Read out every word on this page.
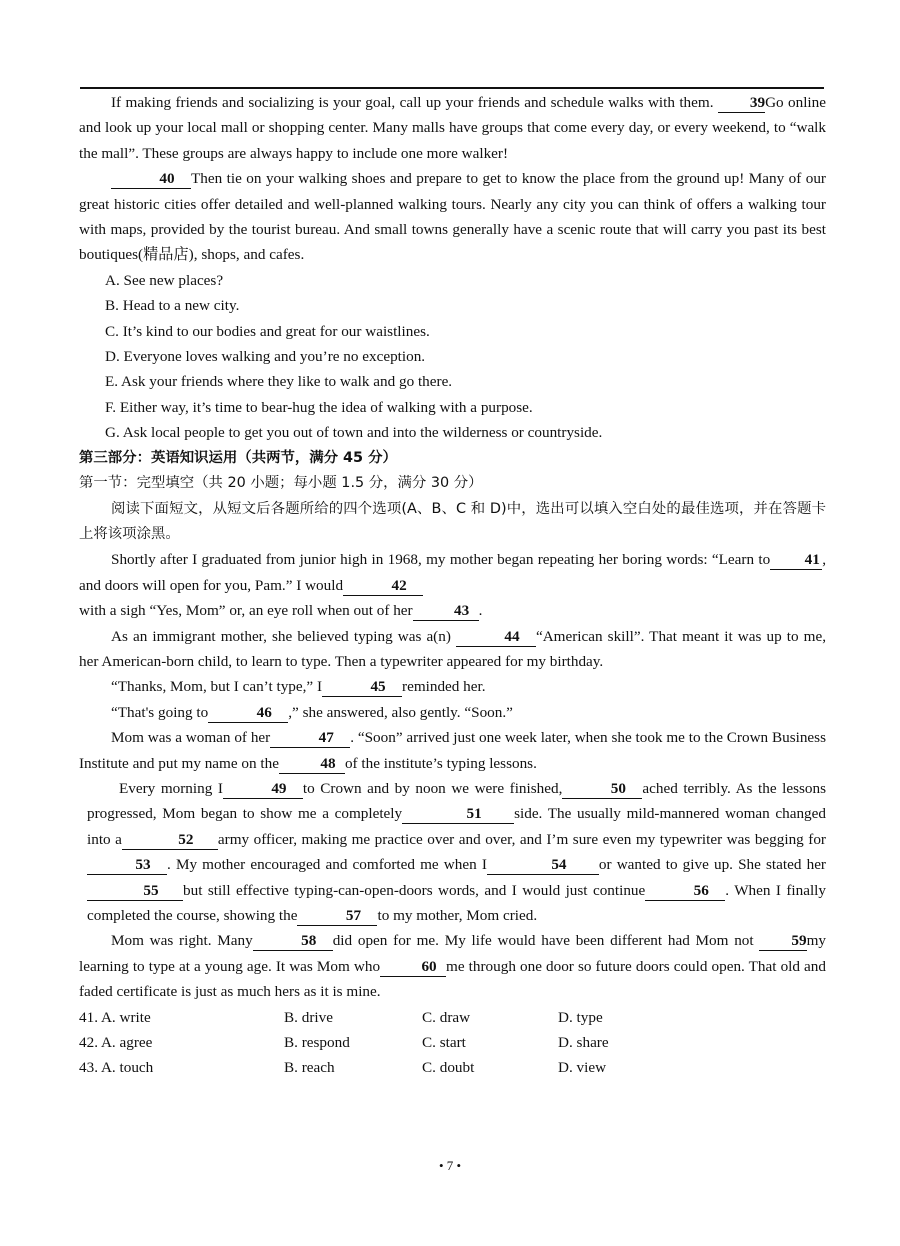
If making friends and socializing is your goal, call up your friends and schedule walks with them. 39Go online and look up your local mall or shopping center. Many malls have groups that come every day, or every weekend, to “walk the mall”. These groups are always happy to include one more walker!

40 Then tie on your walking shoes and prepare to get to know the place from the ground up! Many of our great historic cities offer detailed and well-planned walking tours. Nearly any city you can think of offers a walking tour with maps, provided by the tourist bureau. And small towns generally have a scenic route that will carry you past its best boutiques(精品店), shops, and cafes.

A. See new places?

B. Head to a new city.

C. It’s kind to our bodies and great for our waistlines.

D. Everyone loves walking and you’re no exception.

E. Ask your friends where they like to walk and go there.

F. Either way, it’s time to bear-hug the idea of walking with a purpose.

G. Ask local people to get you out of town and into the wilderness or countryside.

第三部分：英语知识运用（共两节，满分 45 分）

第一节：完型填空（共 20 小题；每小题 1.5 分，满分 30 分）

阅读下面短文，从短文后各题所给的四个选项(A、B、C 和 D)中，选出可以填入空白处的最佳选项，并在答题卡上将该项涂黑。

Shortly after I graduated from junior high in 1968, my mother began repeating her boring words: “Learn to 41 , and doors will open for you, Pam.” I would	42
with a sigh “Yes, Mom” or, an eye roll when out of her	43 .

As an immigrant mother, she believed typing was a(n)	44 “American skill”. That meant it was up to me, her American-born child, to learn to type. Then a typewriter appeared for my birthday.

“Thanks, Mom, but I can’t type,” I	45 reminded her.

“That's going to	46 ,” she answered, also gently. “Soon.”

Mom was a woman of her	47 . “Soon” arrived just one week later, when she took me to the Crown Business Institute and put my name on the	48 of the institute’s typing lessons.

Every morning I	49 to Crown and by noon we were finished,	50 ached terribly. As the lessons progressed, Mom began to show me a completely	51 side. The usually mild-mannered woman changed into a	52 army officer, making me practice over and over, and I’m sure even my typewriter was begging for53 . My mother encouraged and comforted me when I	54 or wanted to give up. She stated her55 but still effective typing-can-open-doors words, and I would just continue	56 . When I finally completed the course, showing the	57 to my mother, Mom cried.

Mom was right. Many	58 did open for me. My life would have been different had Mom not 59my learning to type at a young age. It was Mom who	60 me through one door so future doors could open. That old and faded certificate is just as much hers as it is mine.

41. A. write	B. drive	C. draw	D. type
42. A. agree	B. respond	C. start	D. share
43. A. touch	B. reach	C. doubt	D. view
• 7 •
